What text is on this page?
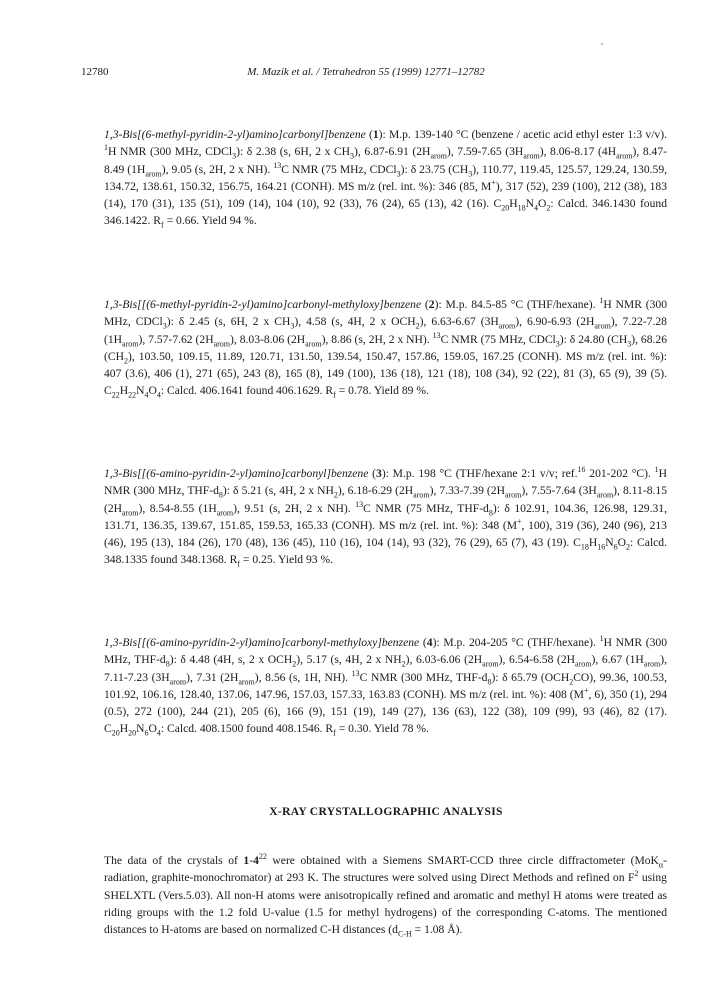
12780	M. Mazik et al. / Tetrahedron 55 (1999) 12771–12782

1,3-Bis[(6-methyl-pyridin-2-yl)amino]carbonyl]benzene (1): M.p. 139-140 °C (benzene / acetic acid ethyl ester 1:3 v/v). $^1$H NMR (300 MHz, CDCl$_3$): δ 2.38 (s, 6H, 2 x $CH_3$), 6.87-6.91 $(2H_{arom})$, 7.59-7.65 $(3H_{arom})$, 8.06-8.17 $(4H_{arom})$, 8.47-8.49 $(1H_{arom})$, 9.05 (s, 2H, 2 x NH). $^{13}$C NMR (75 MHz, CDCl$_3$): δ 23.75 $(CH_3)$, 110.77, 119.45, 125.57, 129.24, 130.59, 134.72, 138.61, 150.32, 156.75, 164.21 (CONH). MS m/z (rel. int. %): 346 (85, M+), 317 (52), 239 (100), 212 (38), 183 (14), 170 (31), 135 (51), 109 (14), 104 (10), 92 (33), 76 (24), 65 (13), 42 (16). $C_{20}H_{18}N_4O_2$: Calcd. 346.1430 found 346.1422. $R_f = 0.66$. Yield 94 %.

1,3-Bis[[(6-methyl-pyridin-2-yl)amino]carbonyl-methyloxy]benzene (2): M.p. 84.5-85 °C (THF/hexane). $^1$H NMR (300 MHz, CDCl$_3$): δ 2.45 (s, 6H, 2 x $CH_3$), 4.58 (s, 4H, 2 x $OCH_2$), 6.63-6.67 $(3H_{arom})$, 6.90-6.93 $(2H_{arom})$, 7.22-7.28 $(1H_{arom})$, 7.57-7.62 $(2H_{arom})$, 8.03-8.06 $(2H_{arom})$, 8.86 (s, 2H, 2 x NH). $^{13}$C NMR (75 MHz, CDCl$_3$): δ 24.80 $(CH_3)$, 68.26 $(CH_2)$, 103.50, 109.15, 11.89, 120.71, 131.50, 139.54, 150.47, 157.86, 159.05, 167.25 (CONH). MS m/z (rel. int. %): 407 (3.6), 406 (1), 271 (65), 243 (8), 165 (8), 149 (100), 136 (18), 121 (18), 108 (34), 92 (22), 81 (3), 65 (9), 39 (5). $C_{22}H_{22}N_4O_4$: Calcd. 406.1641 found 406.1629. $R_f = 0.78$. Yield 89 %.

1,3-Bis[[(6-amino-pyridin-2-yl)amino]carbonyl]benzene (3): M.p. 198 °C (THF/hexane 2:1 v/v; ref.$^{16}$ 201-202 °C). $^1$H NMR (300 MHz, THF-$d_8$): δ 5.21 (s, 4H, 2 x $NH_2$), 6.18-6.29 $(2H_{arom})$, 7.33-7.39 $(2H_{arom})$, 7.55-7.64 $(3H_{arom})$, 8.11-8.15 $(2H_{arom})$, 8.54-8.55 $(1H_{arom})$, 9.51 (s, 2H, 2 x NH). $^{13}$C NMR (75 MHz, THF-$d_8$): δ 102.91, 104.36, 126.98, 129.31, 131.71, 136.35, 139.67, 151.85, 159.53, 165.33 (CONH). MS m/z (rel. int. %): 348 (M+, 100), 319 (36), 240 (96), 213 (46), 195 (13), 184 (26), 170 (48), 136 (45), 110 (16), 104 (14), 93 (32), 76 (29), 65 (7), 43 (19). $C_{18}H_{16}N_6O_2$: Calcd. 348.1335 found 348.1368. $R_f = 0.25$. Yield 93 %.

1,3-Bis[[(6-amino-pyridin-2-yl)amino]carbonyl-methyloxy]benzene (4): M.p. 204-205 °C (THF/hexane). $^1$H NMR (300 MHz, THF-$d_8$): δ 4.48 (4H, s, 2 x $OCH_2$), 5.17 (s, 4H, 2 x $NH_2$), 6.03-6.06 $(2H_{arom})$, 6.54-6.58 $(2H_{arom})$, 6.67 $(1H_{arom})$, 7.11-7.23 $(3H_{arom})$, 7.31 $(2H_{arom})$, 8.56 (s, 1H, NH). $^{13}$C NMR (300 MHz, THF-$d_8$): δ 65.79 $(OCH_2CO)$, 99.36, 100.53, 101.92, 106.16, 128.40, 137.06, 147.96, 157.03, 157.33, 163.83 (CONH). MS m/z (rel. int. %): 408 (M+, 6), 350 (1), 294 (0.5), 272 (100), 244 (21), 205 (6), 166 (9), 151 (19), 149 (27), 136 (63), 122 (38), 109 (99), 93 (46), 82 (17). $C_{20}H_{20}N_6O_4$: Calcd. 408.1500 found 408.1546. $R_f = 0.30$. Yield 78 %.

X-RAY CRYSTALLOGRAPHIC ANALYSIS

The data of the crystals of $1-4^{22}$ were obtained with a Siemens SMART-CCD three circle diffractometer (MoK$_\alpha$-radiation, graphite-monochromator) at 293 K. The structures were solved using Direct Methods and refined on $F^2$ using SHELXTL (Vers.5.03). All non-H atoms were anisotropically refined and aromatic and methyl H atoms were treated as riding groups with the 1.2 fold U-value (1.5 for methyl hydrogens) of the corresponding C-atoms. The mentioned distances to H-atoms are based on normalized C-H distances ($d_{C-H} = 1.08$ Å).
